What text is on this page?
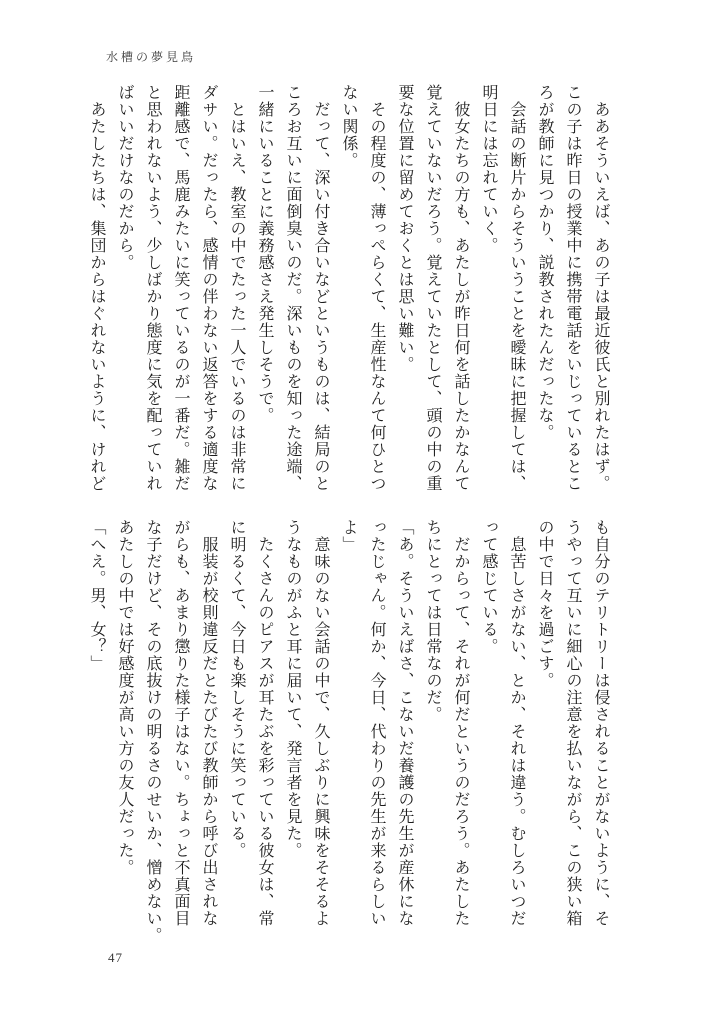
水槽の夢見鳥

　ああそういえば、あの子は最近彼氏と別れたはず。

この子は昨日の授業中に携帯電話をいじっているとこ

ろが教師に見つかり、説教されたんだったな。

　会話の断片からそういうことを曖昧に把握しては、

明日には忘れていく。

　彼女たちの方も、あたしが昨日何を話したかなんて

覚えていないだろう。覚えていたとして、頭の中の重

要な位置に留めておくとは思い難い。

　その程度の、薄っぺらくて、生産性なんて何ひとつ

ない関係。

　だって、深い付き合いなどというものは、結局のと

ころお互いに面倒臭いのだ。深いものを知った途端、

一緒にいることに義務感さえ発生しそうで。

　とはいえ、教室の中でたった一人でいるのは非常に

ダサい。だったら、感情の伴わない返答をする適度な

距離感で、馬鹿みたいに笑っているのが一番だ。雑だ

と思われないよう、少しばかり態度に気を配っていれ

ばいいだけなのだから。

　あたしたちは、集団からはぐれないように、けれど

も自分のテリトリーは侵されることがないように、そ

うやって互いに細心の注意を払いながら、この狭い箱

の中で日々を過ごす。

　息苦しさがない、とか、それは違う。むしろいつだ

って感じている。

　だからって、それが何だというのだろう。あたした

ちにとっては日常なのだ。

「あ。そういえばさ、こないだ養護の先生が産休にな

ったじゃん。何か、今日、代わりの先生が来るらしい

よ」

　意味のない会話の中で、久しぶりに興味をそそるよ

うなものがふと耳に届いて、発言者を見た。

　たくさんのピアスが耳たぶを彩っている彼女は、常

に明るくて、今日も楽しそうに笑っている。

　服装が校則違反だとたびたび教師から呼び出されな

がらも、あまり懲りた様子はない。ちょっと不真面目

な子だけど、その底抜けの明るさのせいか、憎めない。

あたしの中では好感度が高い方の友人だった。

「へえ。男、女？」

47
